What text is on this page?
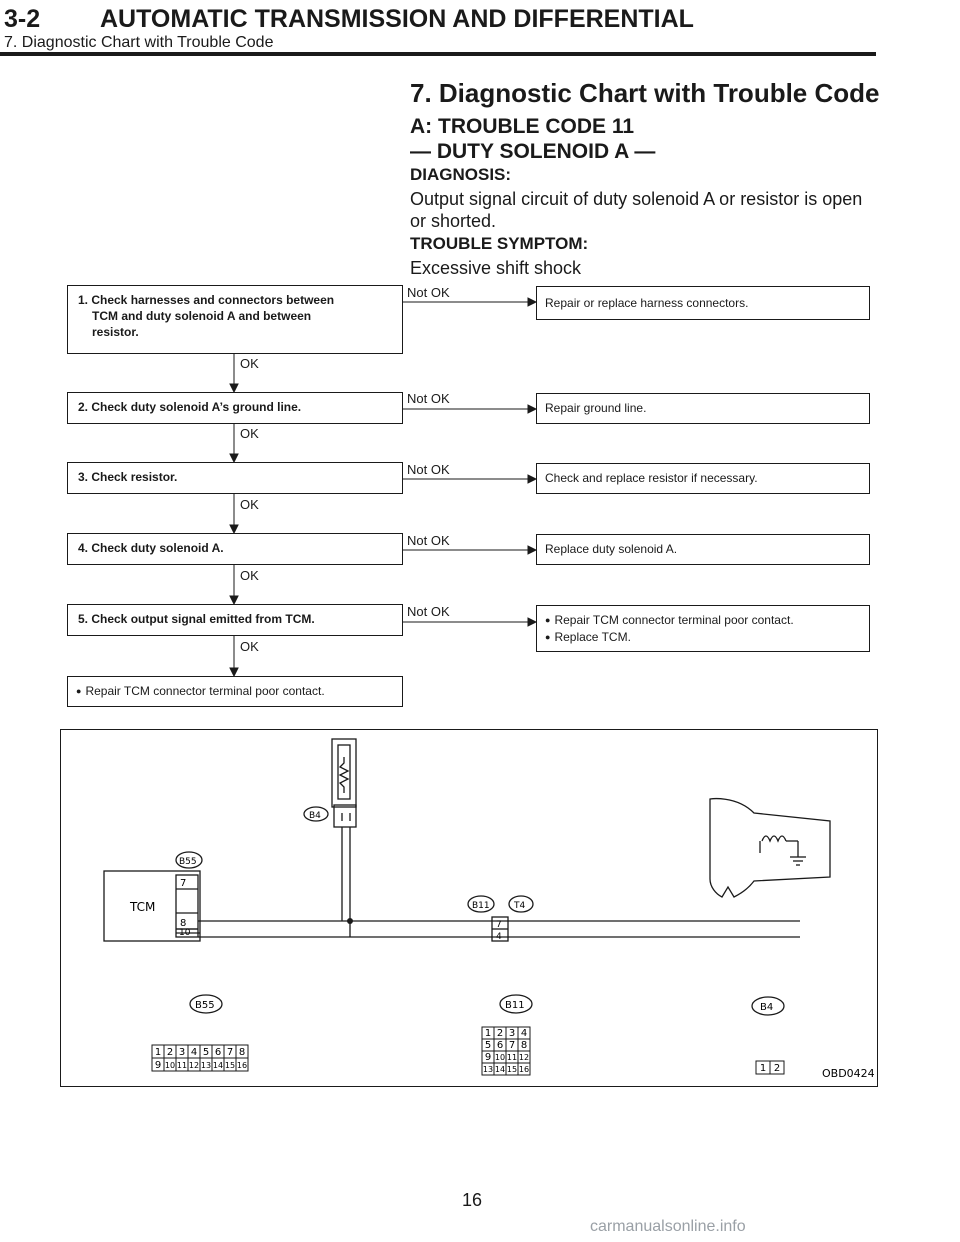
3-2 AUTOMATIC TRANSMISSION AND DIFFERENTIAL
7. Diagnostic Chart with Trouble Code
7. Diagnostic Chart with Trouble Code
A: TROUBLE CODE 11
— DUTY SOLENOID A —
DIAGNOSIS:
Output signal circuit of duty solenoid A or resistor is open
or shorted.
TROUBLE SYMPTOM:
Excessive shift shock
1. Check harnesses and connectors between
TCM and duty solenoid A and between
resistor.
2. Check duty solenoid A’s ground line.
3. Check resistor.
4. Check duty solenoid A.
5. Check output signal emitted from TCM.
● Repair TCM connector terminal poor contact.
Repair or replace harness connectors.
Repair ground line.
Check and replace resistor if necessary.
Replace duty solenoid A.
● Repair TCM connector terminal poor contact.
● Replace TCM.
OK
OK
OK
OK
OK
Not OK
Not OK
Not OK
Not OK
Not OK
TCM
7
8
10
7
4
B55
B4
B11	T4
B55	B11	B4
OBD0424
1 2 3 4 5 6 7 8
9 10 11 12 13 14 15 16
1 2 3 4
5 6 7 8
9 10 11 12
13 14 15 16	1 2
16
carmanualsonline.info
